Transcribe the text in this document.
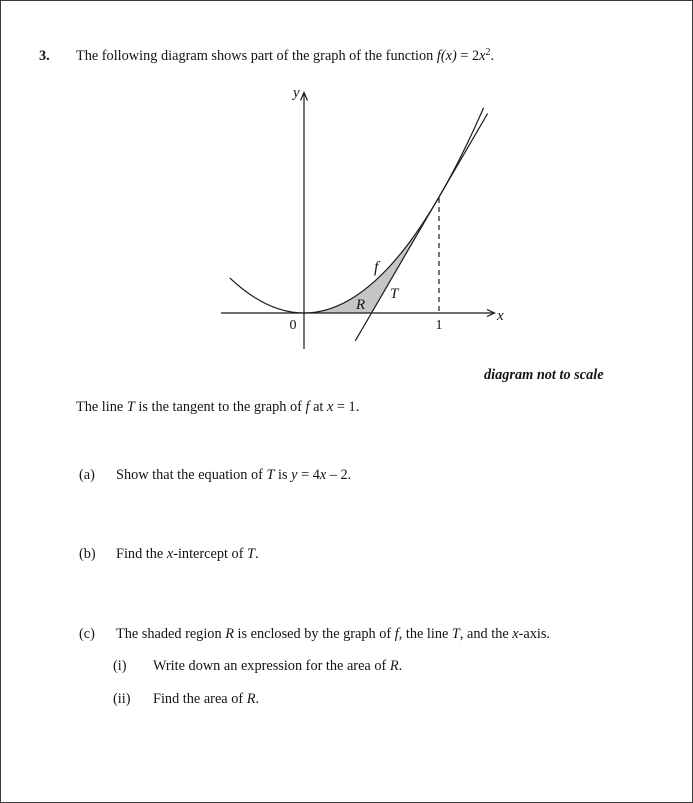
3. The following diagram shows part of the graph of the function $f(x) = 2x^2$.
y
x
0	1
f
T
R
diagram not to scale
The line T is the tangent to the graph of f at x = 1.
(a) Show that the equation of T is y = 4x – 2.
(b) Find the x-intercept of T.
(c) The shaded region R is enclosed by the graph of f, the line T, and the x-axis.
(i) Write down an expression for the area of R.
(ii) Find the area of R.
